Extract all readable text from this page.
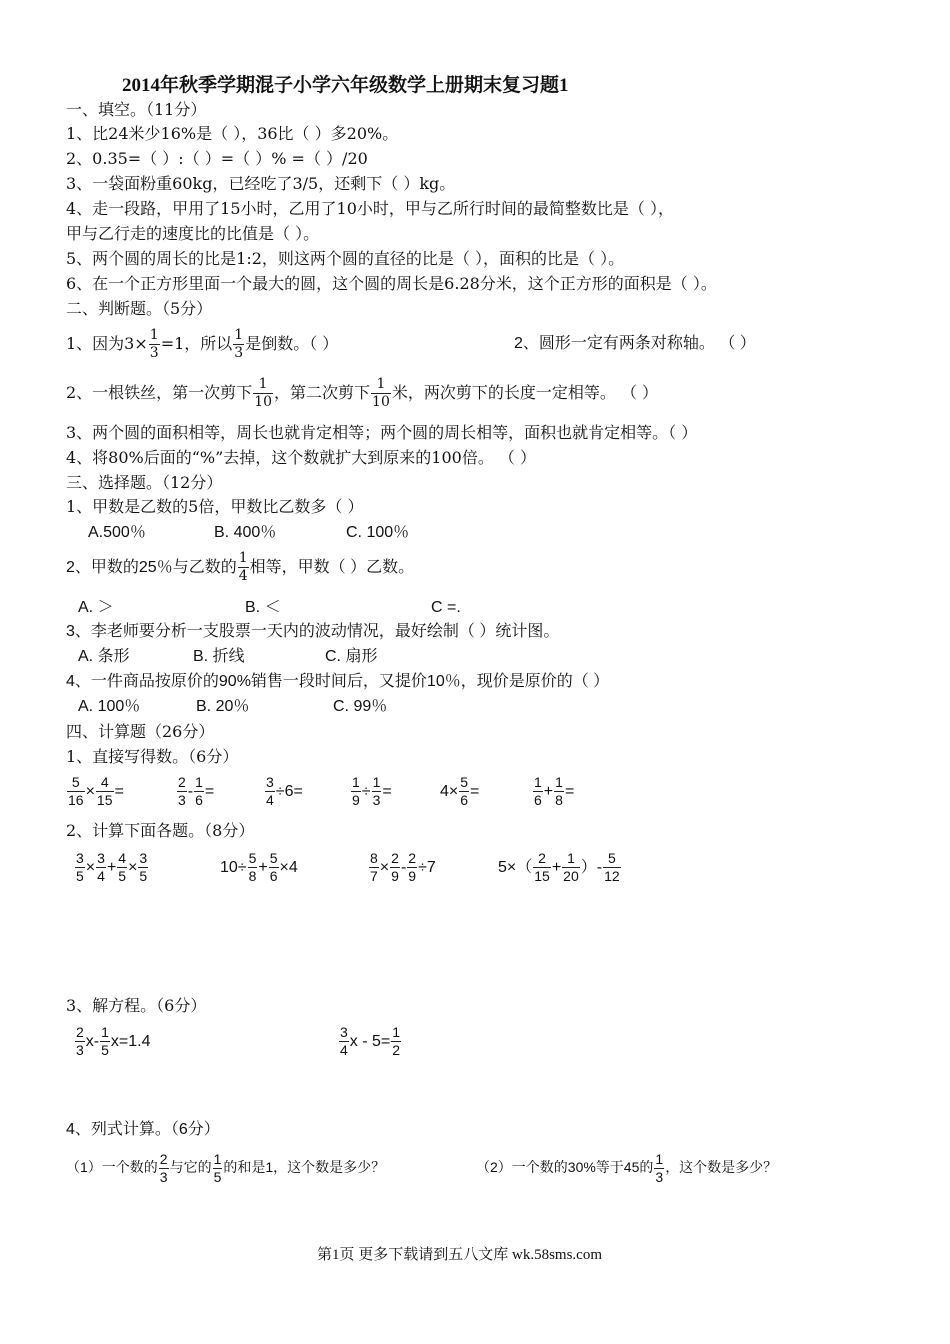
2014年秋季学期混子小学六年级数学上册期末复习题1
一、填空。（11分）
1、比24米少16%是（ ），36比（ ）多20%。
2、0.35=（ ）:（ ）=（ ）% =（ ）/20
3、一袋面粉重60kg，已经吃了3/5，还剩下（ ）kg。
4、走一段路，甲用了15小时，乙用了10小时，甲与乙所行时间的最简整数比是（ ），
甲与乙行走的速度比的比值是（ ）。
5、两个圆的周长的比是1:2，则这两个圆的直径的比是（ ），面积的比是（ ）。
6、在一个正方形里面一个最大的圆，这个圆的周长是6.28分米，这个正方形的面积是（ ）。
二、判断题。（5分）
1、因为$3\times \frac{1}{3} =1$，所以 $\frac{1}{3}$ 是倒数。（ ）	2、圆形一定有两条对称轴。 （ ）
2、一根铁丝，第一次剪下 $\frac{1}{10}$ ，第二次剪下 $\frac{1}{10}$ 米，两次剪下的长度一定相等。 （ ）
3、两个圆的面积相等，周长也就肯定相等；两个圆的周长相等，面积也就肯定相等。（ ）
4、将80%后面的“%”去掉，这个数就扩大到原来的100倍。 （ ）
三、选择题。（12分）
1、甲数是乙数的5倍，甲数比乙数多（ ）
A.500％	B. 400％	C. 100％
2、甲数的25％与乙数的 $\frac{1}{4}$ 相等，甲数（ ）乙数。
A. ＞	B. ＜	C =.
3、李老师要分析一支股票一天内的波动情况，最好绘制（ ）统计图。
A. 条形	B. 折线	C. 扇形
4、一件商品按原价的90%销售一段时间后，又提价10％，现价是原价的（ ）
A. 100％	B. 20％	C. 99％
四、计算题（26分）
1、直接写得数。（6分）
$\frac{5}{16} \times \frac{4}{15}$ =	$\frac{2}{3} - \frac{1}{6}$ =	$\frac{3}{4} \div 6=$	$\frac{1}{9} \div \frac{1}{3}$ =	$4\times \frac{5}{6}$ =	$\frac{1}{6} + \frac{1}{8}$ =
2、计算下面各题。（8分）
$\frac{3}{5} \times \frac{3}{4} + \frac{4}{5} \times \frac{3}{5}$	$10\div \frac{5}{8} + \frac{5}{6} \times 4$	$\frac{8}{7} \times \frac{2}{9} - \frac{2}{9} \div 7$	$5\times( \frac{2}{15} + \frac{1}{20}$ ）- $\frac{5}{12}$
3、解方程。（6分）
$\frac{2}{3} x- \frac{1}{5} x=1.4$	$\frac{3}{4}$ $x - 5= \frac{1}{2}$
4、列式计算。（6分）
（1）一个数的 $\frac{2}{3}$ 与它的 $\frac{1}{5}$ 的和是1，这个数是多少？	（2）一个数的30%等于45的 $\frac{1}{3}$ ，这个数是多少？
第1页 更多下载请到五八文库 wk.58sms.com
